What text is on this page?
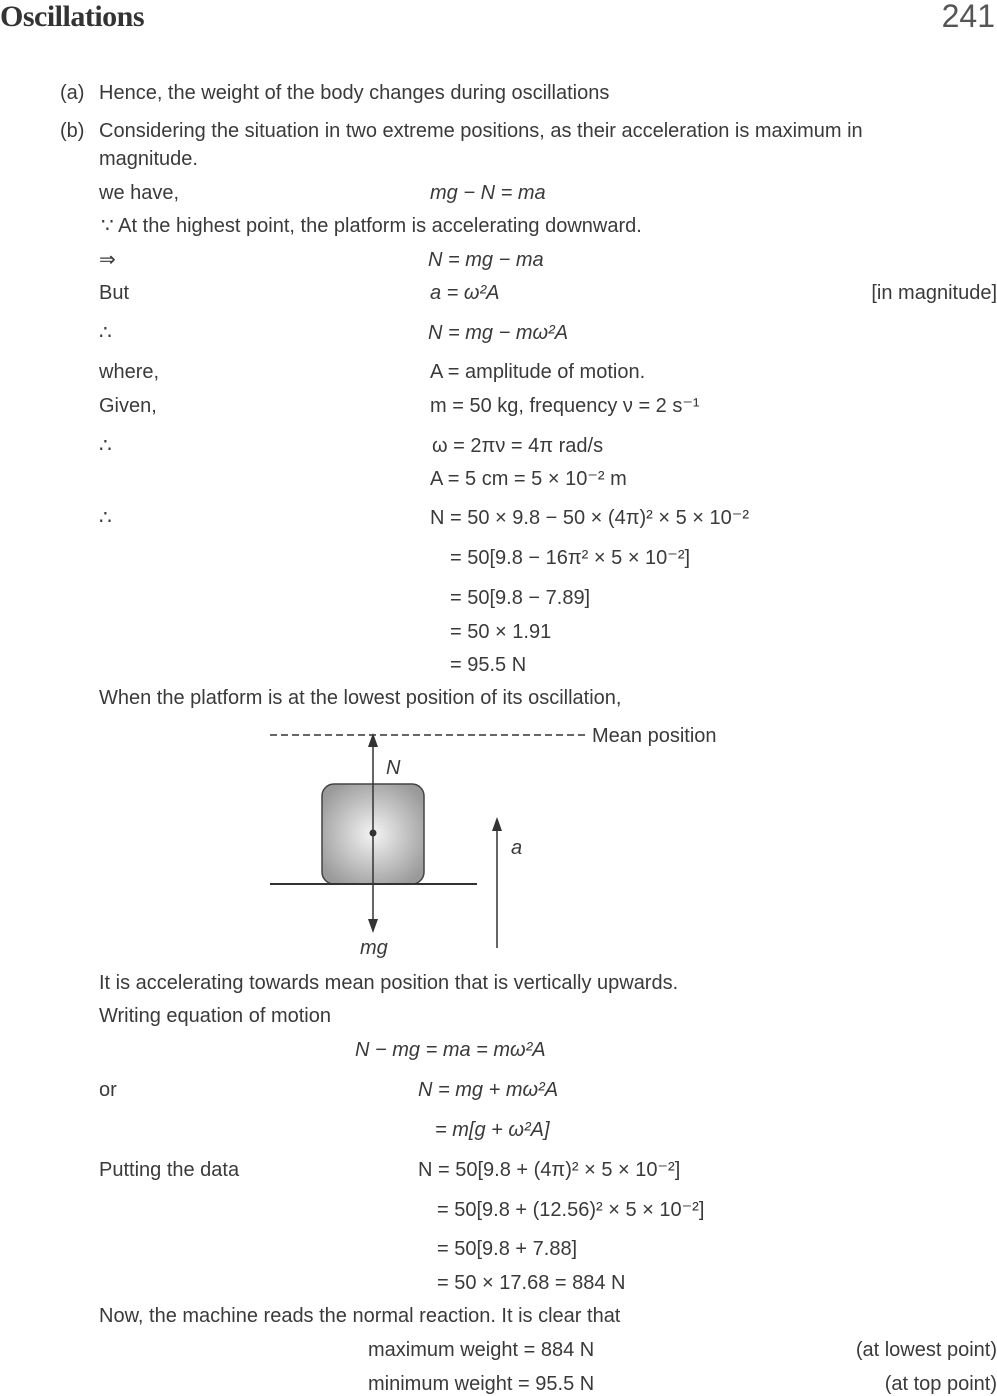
Oscillations	241
(a) Hence, the weight of the body changes during oscillations
(b) Considering the situation in two extreme positions, as their acceleration is maximum in
magnitude.
we have,	mg − N = ma
∵ At the highest point, the platform is accelerating downward.
⇒	N = mg − ma
But	a = ω²A	[in magnitude]
∴	N = mg − mω²A
where,	A = amplitude of motion.
Given,	m = 50 kg, frequency ν = 2 s⁻¹
∴	ω = 2πν = 4π rad/s
A = 5 cm = 5 × 10⁻² m
∴	N = 50 × 9.8 − 50 × (4π)² × 5 × 10⁻²
= 50[9.8 − 16π² × 5 × 10⁻²]
= 50[9.8 − 7.89]
= 50 × 1.91
= 95.5 N
When the platform is at the lowest position of its oscillation,
Mean position
N
mg
a
It is accelerating towards mean position that is vertically upwards.
Writing equation of motion
N − mg = ma = mω²A
or	N = mg + mω²A
= m[g + ω²A]
Putting the data	N = 50[9.8 + (4π)² × 5 × 10⁻²]
= 50[9.8 + (12.56)² × 5 × 10⁻²]
= 50[9.8 + 7.88]
= 50 × 17.68 = 884 N
Now, the machine reads the normal reaction. It is clear that
maximum weight = 884 N	(at lowest point)
minimum weight = 95.5 N	(at top point)
